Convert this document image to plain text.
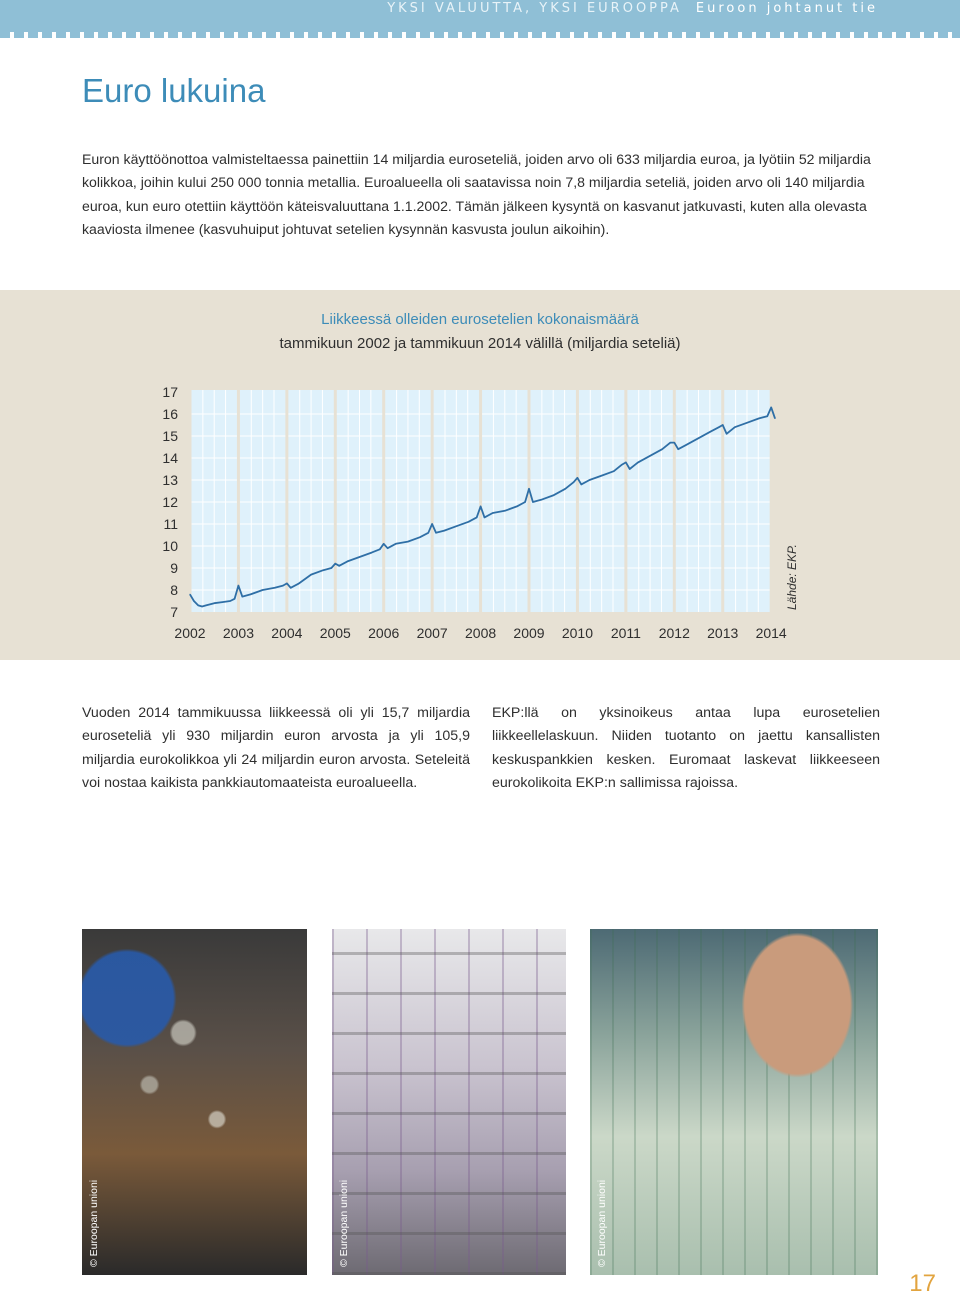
YKSI VALUUTTA, YKSI EUROOPPA Euroon johtanut tie
Euro lukuina

Euron käyttöönottoa valmisteltaessa painettiin 14 miljardia euroseteliä, joiden arvo oli 633 miljardia euroa, ja lyötiin 52 miljardia kolikkoa, joihin kului 250 000 tonnia metallia. Euroalueella oli saatavissa noin 7,8 miljardia seteliä, joiden arvo oli 140 miljardia euroa, kun euro otettiin käyttöön käteisvaluuttana 1.1.2002. Tämän jälkeen kysyntä on kasvanut jatkuvasti, kuten alla olevasta kaaviosta ilmenee (kasvuhuiput johtuvat setelien kysynnän kasvusta joulun aikoihin).

Liikkeessä olleiden eurosetelien kokonaismäärä
tammikuun 2002 ja tammikuun 2014 välillä (miljardia seteliä)
7
8
9
10
11
12
13
14
15
16
17
2002 2003 2004 2005 2006 2007 2008 2009 2010 2011 2012 2013 2014
Lähde: EKP.

Vuoden 2014 tammikuussa liikkeessä oli yli 15,7 miljardia euroseteliä yli 930 miljardin euron arvosta ja yli 105,9 miljardia eurokolikkoa yli 24 miljardin euron arvosta. Seteleitä voi nostaa kaikista pankkiautomaateista euroalueella.

EKP:llä on yksinoikeus antaa lupa eurosetelien liikkeellelaskuun. Niiden tuotanto on jaettu kansallisten keskuspankkien kesken. Euromaat laskevat liikkeeseen eurokolikoita EKP:n sallimissa rajoissa.

© Euroopan unioni	© Euroopan unioni	© Euroopan unioni
17
